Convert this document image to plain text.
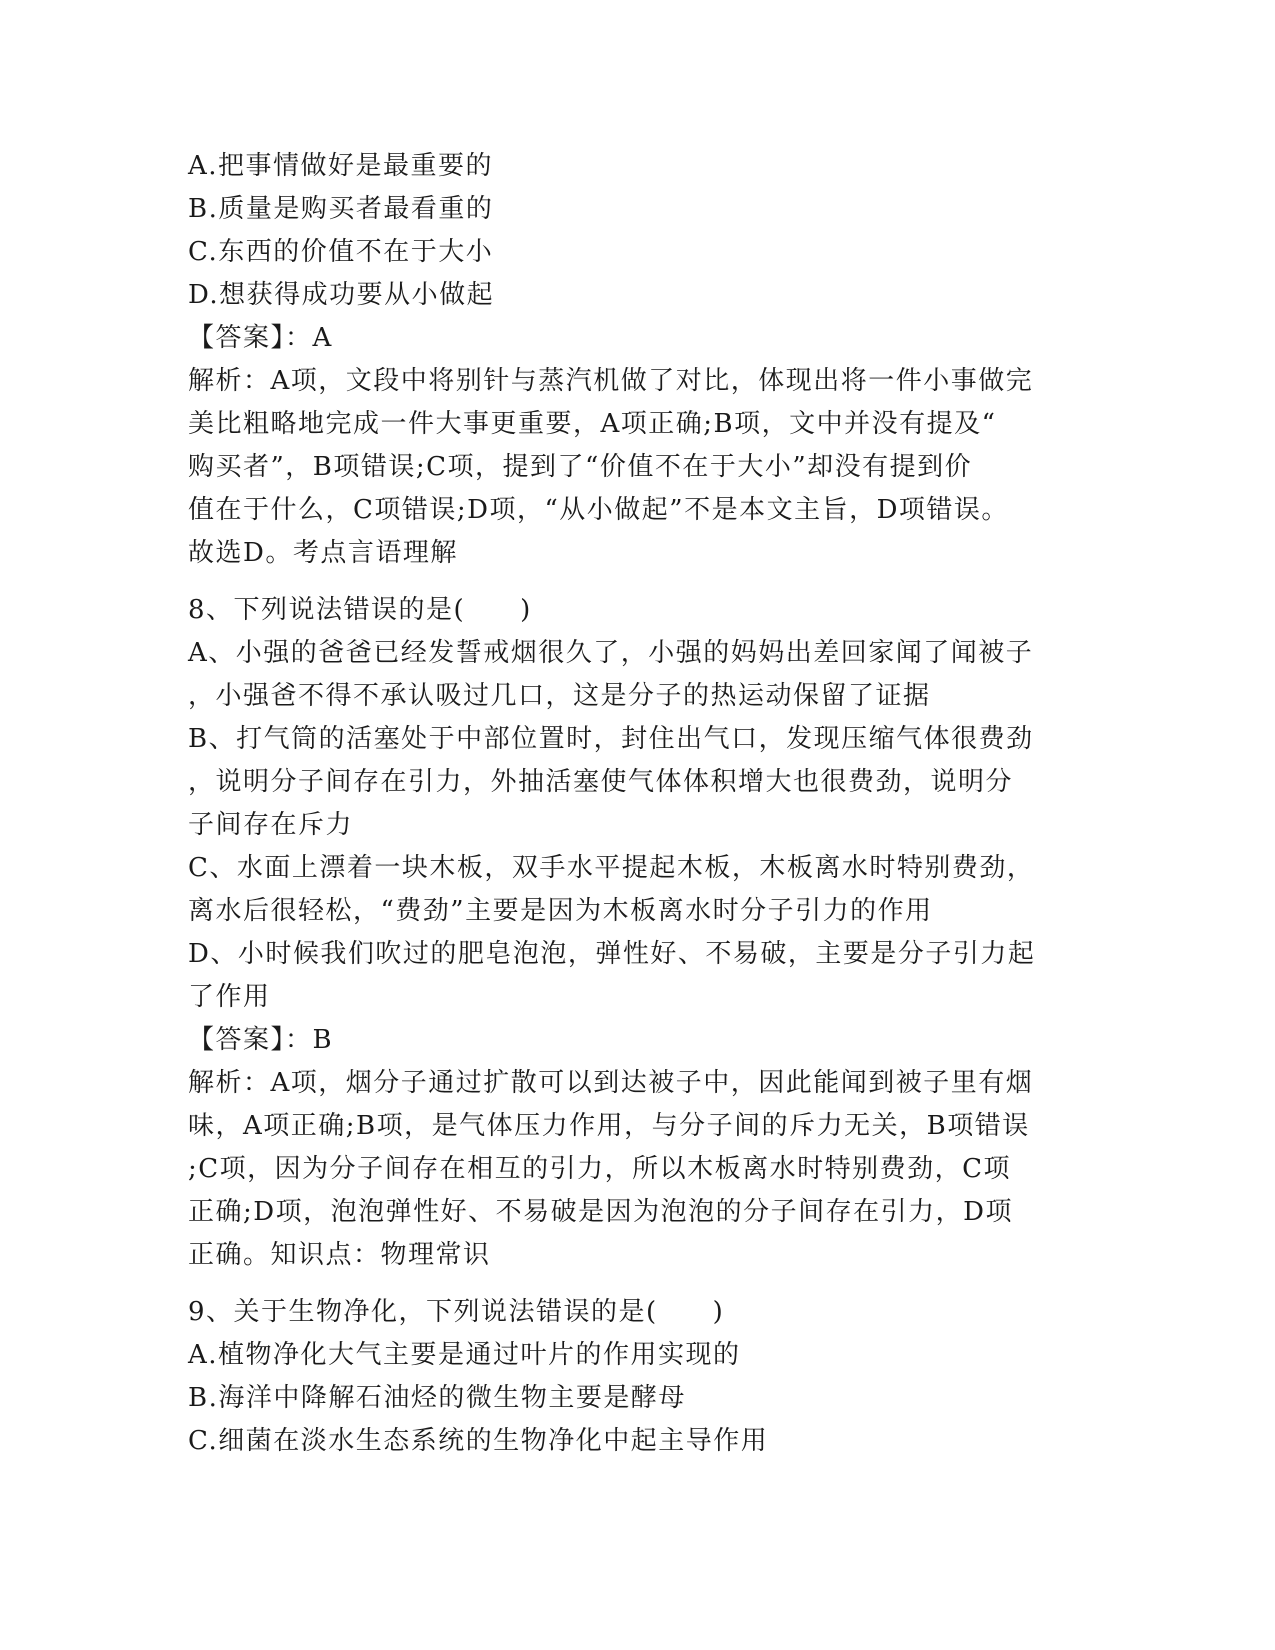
A.把事情做好是最重要的
B.质量是购买者最看重的
C.东西的价值不在于大小
D.想获得成功要从小做起
【答案】：A
解析：A项，文段中将别针与蒸汽机做了对比，体现出将一件小事做完
美比粗略地完成一件大事更重要，A项正确;B项，文中并没有提及“
购买者”，B项错误;C项，提到了“价值不在于大小”却没有提到价
值在于什么，C项错误;D项，“从小做起”不是本文主旨，D项错误。
故选D。考点言语理解
8、下列说法错误的是(　　)
A、小强的爸爸已经发誓戒烟很久了，小强的妈妈出差回家闻了闻被子
，小强爸不得不承认吸过几口，这是分子的热运动保留了证据
B、打气筒的活塞处于中部位置时，封住出气口，发现压缩气体很费劲
，说明分子间存在引力，外抽活塞使气体体积增大也很费劲，说明分
子间存在斥力
C、水面上漂着一块木板，双手水平提起木板，木板离水时特别费劲，
离水后很轻松，“费劲”主要是因为木板离水时分子引力的作用
D、小时候我们吹过的肥皂泡泡，弹性好、不易破，主要是分子引力起
了作用
【答案】：B
解析：A项，烟分子通过扩散可以到达被子中，因此能闻到被子里有烟
味，A项正确;B项，是气体压力作用，与分子间的斥力无关，B项错误
;C项，因为分子间存在相互的引力，所以木板离水时特别费劲，C项
正确;D项，泡泡弹性好、不易破是因为泡泡的分子间存在引力，D项
正确。知识点：物理常识
9、关于生物净化，下列说法错误的是(　　)
A.植物净化大气主要是通过叶片的作用实现的
B.海洋中降解石油烃的微生物主要是酵母
C.细菌在淡水生态系统的生物净化中起主导作用
